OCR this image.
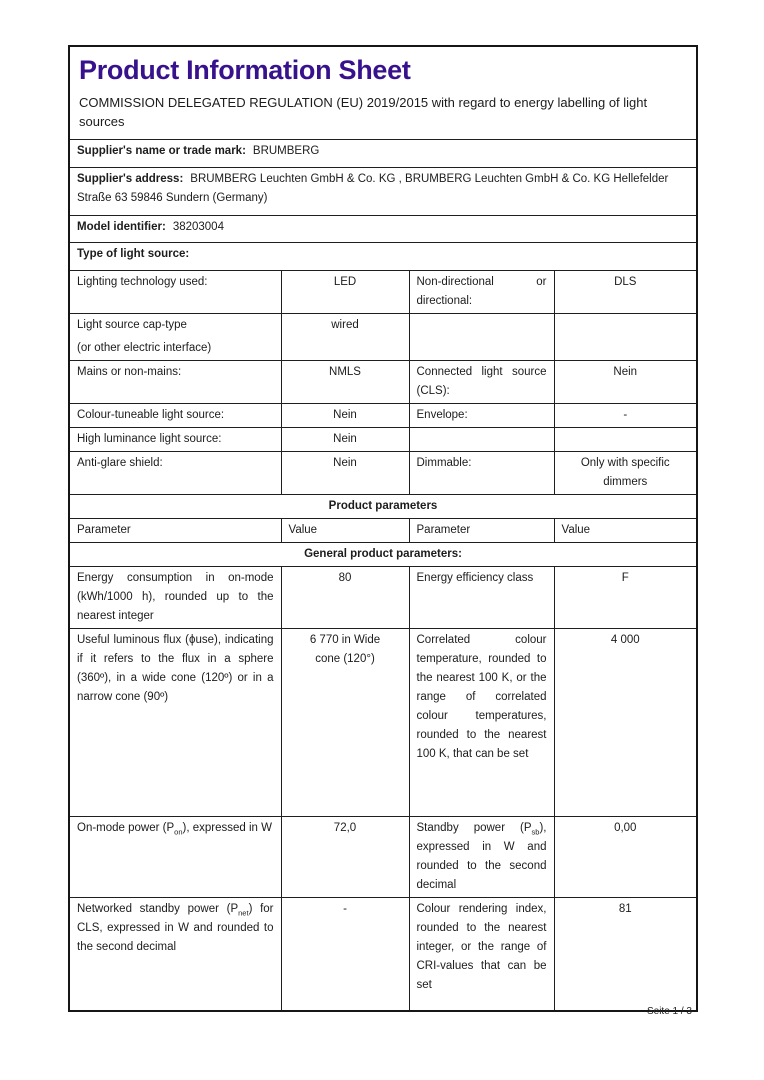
Product Information Sheet

COMMISSION DELEGATED REGULATION (EU) 2019/2015 with regard to energy labelling of light sources

Supplier's name or trade mark: BRUMBERG			
Supplier's address: BRUMBERG Leuchten GmbH & Co. KG , BRUMBERG Leuchten GmbH & Co. KG Hellefelder Straße 63 59846 Sundern (Germany)			
Model identifier: 38203004			
Type of light source:			
Lighting technology used:	LED	Non-directional or directional:	DLS

Light source cap-type
(or other electric interface)	wired		
Mains or non-mains:	NMLS	Connected light source (CLS):	Nein
Colour-tuneable light source:	Nein	Envelope:	-
High luminance light source:	Nein		
Anti-glare shield:	Nein	Dimmable:	Only with specific dimmers

Product parameters			
Parameter	Value	Parameter	Value
General product parameters:			
Energy consumption in on-mode (kWh/1000 h), rounded up to the nearest integer	80	Energy efficiency class	F
Useful luminous flux (ϕuse), indicating if it refers to the flux in a sphere (360º), in a wide cone (120º) or in a narrow cone (90º)	6 770 in Wide cone (120°)	Correlated colour temperature, rounded to the nearest 100 K, or the range of correlated colour temperatures, rounded to the nearest 100 K, that can be set	4 000
On-mode power $(P_{on})$, expressed in W	72,0	Standby power $(P_{sb})$, expressed in W and rounded to the second decimal	0,00
Networked standby power $(P_{net})$ for CLS, expressed in W and rounded to the second decimal	-	Colour rendering index, rounded to the nearest integer, or the range of CRI-values that can be set	81
Seite 1 / 3
